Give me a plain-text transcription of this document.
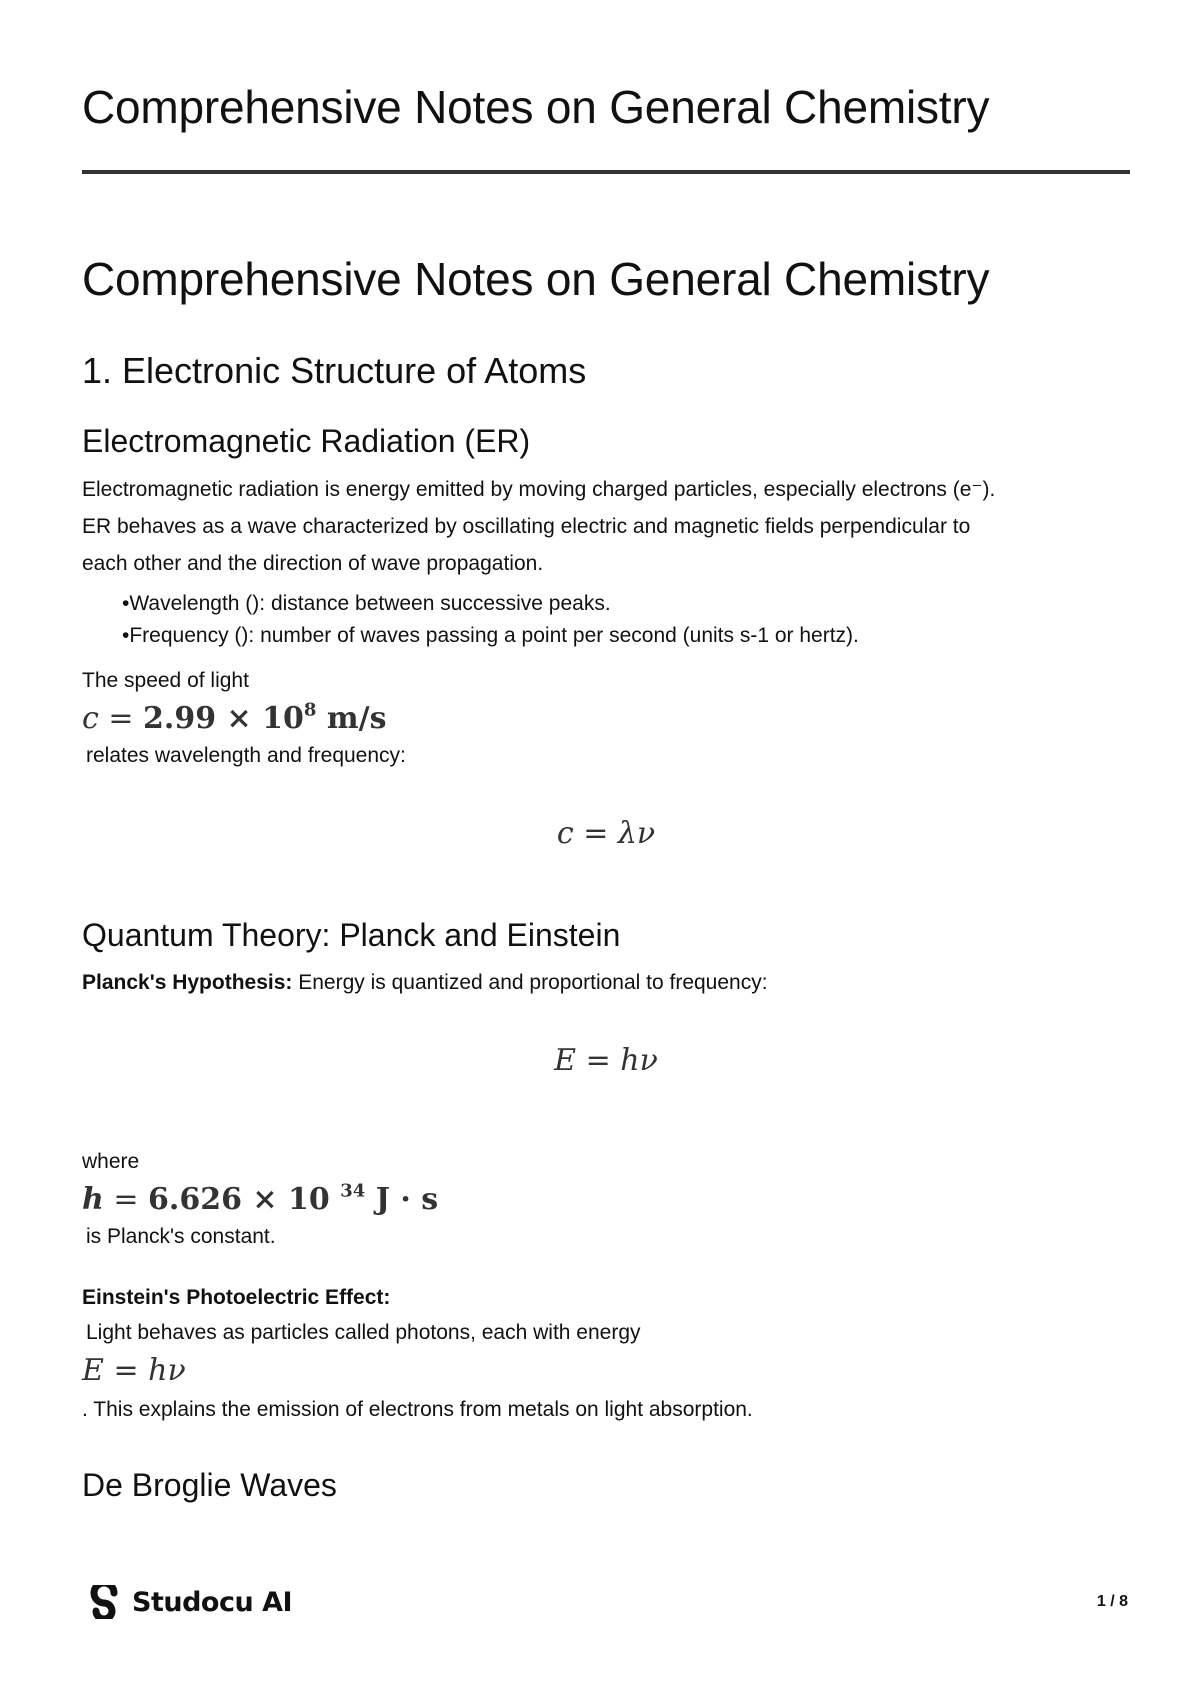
Comprehensive Notes on General Chemistry
Comprehensive Notes on General Chemistry
1. Electronic Structure of Atoms
Electromagnetic Radiation (ER)

Electromagnetic radiation is energy emitted by moving charged particles, especially electrons (e⁻).
ER behaves as a wave characterized by oscillating electric and magnetic fields perpendicular to
each other and the direction of wave propagation.

• Wavelength (): distance between successive peaks.
• Frequency (): number of waves passing a point per second (units s-1 or hertz).

The speed of light

$c = 2.99 \times 10^8$ m/s

relates wavelength and frequency:

c = λν
Quantum Theory: Planck and Einstein

Planck's Hypothesis: Energy is quantized and proportional to frequency:

E = hν

where

h = 6.626 × 10 $^{34}$ J · s

is Planck's constant.

Einstein's Photoelectric Effect:

Light behaves as particles called photons, each with energy

E = hν

. This explains the emission of electrons from metals on light absorption.

De Broglie Waves
Studocu AI	1 / 8
